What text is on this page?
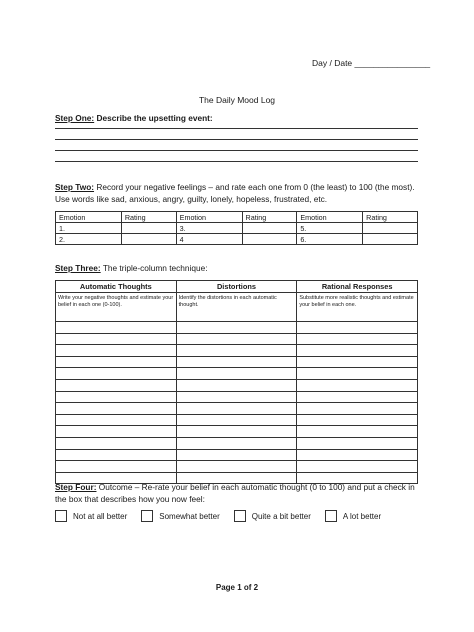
Day / Date ________________
The Daily Mood Log
Step One: Describe the upsetting event:
Step Two: Record your negative feelings – and rate each one from 0 (the least) to 100 (the most). Use words like sad, anxious, angry, guilty, lonely, hopeless, frustrated, etc.
Emotion	Rating	Emotion	Rating	Emotion	Rating
1.		3.		5.	
2.		4		6.	
Step Three: The triple-column technique:
Automatic Thoughts	Distortions	Rational Responses
Write your negative thoughts and estimate your belief in each one (0-100).	Identify the distortions in each automatic thought.	Substitute more realistic thoughts and estimate your belief in each one.

Step Four: Outcome – Re-rate your belief in each automatic thought (0 to 100) and put a check in the box that describes how you now feel:
Not at all better	Somewhat better	Quite a bit better	A lot better
Page 1 of 2
